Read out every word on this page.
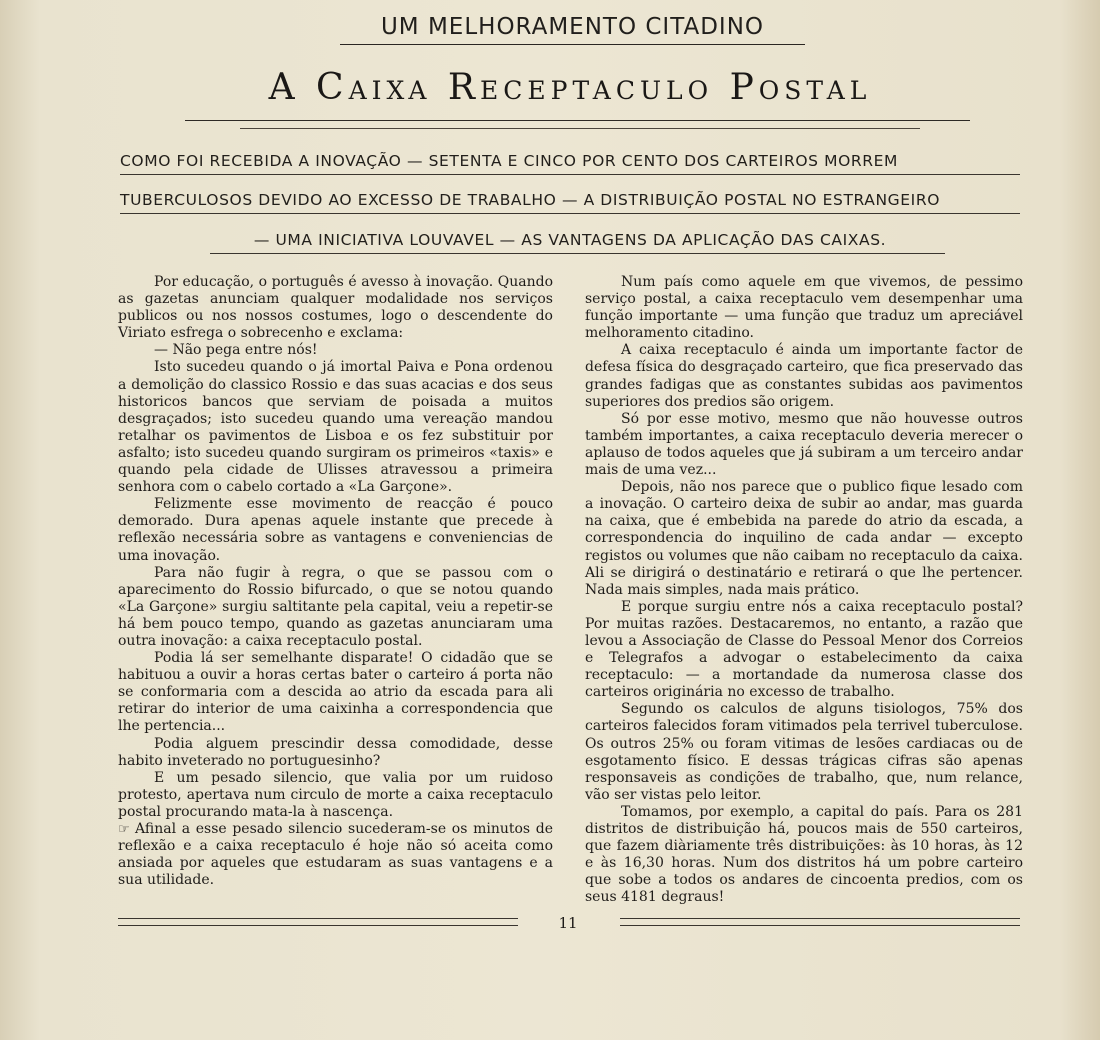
UM MELHORAMENTO CITADINO
A Caixa Receptaculo Postal
COMO FOI RECEBIDA A INOVAÇÃO — SETENTA E CINCO POR CENTO DOS CARTEIROS MORREM
TUBERCULOSOS DEVIDO AO EXCESSO DE TRABALHO — A DISTRIBUIÇÃO POSTAL NO ESTRANGEIRO
— UMA INICIATIVA LOUVAVEL — AS VANTAGENS DA APLICAÇÃO DAS CAIXAS.

Por educação, o português é avesso à inovação. Quando as gazetas anunciam qualquer modalidade nos serviços publicos ou nos nossos costumes, logo o descendente do Viriato esfrega o sobrecenho e exclama:

— Não pega entre nós!

Isto sucedeu quando o já imortal Paiva e Pona ordenou a demolição do classico Rossio e das suas acacias e dos seus historicos bancos que serviam de poisada a muitos desgraçados; isto sucedeu quando uma vereação mandou retalhar os pavimentos de Lisboa e os fez substituir por asfalto; isto sucedeu quando surgiram os primeiros «taxis» e quando pela cidade de Ulisses atravessou a primeira senhora com o cabelo cortado a «La Garçone».

Felizmente esse movimento de reacção é pouco demorado. Dura apenas aquele instante que precede à reflexão necessária sobre as vantagens e conveniencias de uma inovação.

Para não fugir à regra, o que se passou com o aparecimento do Rossio bifurcado, o que se notou quando «La Garçone» surgiu saltitante pela capital, veiu a repetir-se há bem pouco tempo, quando as gazetas anunciaram uma outra inovação: a caixa receptaculo postal.

Podia lá ser semelhante disparate! O cidadão que se habituou a ouvir a horas certas bater o carteiro á porta não se conformaria com a descida ao atrio da escada para ali retirar do interior de uma caixinha a correspondencia que lhe pertencia...

Podia alguem prescindir dessa comodidade, desse habito inveterado no portuguesinho?

E um pesado silencio, que valia por um ruidoso protesto, apertava num circulo de morte a caixa receptaculo postal procurando mata-la à nascença.

☞ Afinal a esse pesado silencio sucederam-se os minutos de reflexão e a caixa receptaculo é hoje não só aceita como ansiada por aqueles que estudaram as suas vantagens e a sua utilidade.

Num país como aquele em que vivemos, de pessimo serviço postal, a caixa receptaculo vem desempenhar uma função importante — uma função que traduz um apreciável melhoramento citadino.

A caixa receptaculo é ainda um importante factor de defesa física do desgraçado carteiro, que fica preservado das grandes fadigas que as constantes subidas aos pavimentos superiores dos predios são origem.

Só por esse motivo, mesmo que não houvesse outros também importantes, a caixa receptaculo deveria merecer o aplauso de todos aqueles que já subiram a um terceiro andar mais de uma vez...

Depois, não nos parece que o publico fique lesado com a inovação. O carteiro deixa de subir ao andar, mas guarda na caixa, que é embebida na parede do atrio da escada, a correspondencia do inquilino de cada andar — excepto registos ou volumes que não caibam no receptaculo da caixa. Ali se dirigirá o destinatário e retirará o que lhe pertencer. Nada mais simples, nada mais prático.

E porque surgiu entre nós a caixa receptaculo postal? Por muitas razões. Destacaremos, no entanto, a razão que levou a Associação de Classe do Pessoal Menor dos Correios e Telegrafos a advogar o estabelecimento da caixa receptaculo: — a mortandade da numerosa classe dos carteiros originária no excesso de trabalho.

Segundo os calculos de alguns tisiologos, 75% dos carteiros falecidos foram vitimados pela terrivel tuberculose. Os outros 25% ou foram vitimas de lesões cardiacas ou de esgotamento físico. E dessas trágicas cifras são apenas responsaveis as condições de trabalho, que, num relance, vão ser vistas pelo leitor.

Tomamos, por exemplo, a capital do país. Para os 281 distritos de distribuição há, poucos mais de 550 carteiros, que fazem diàriamente três distribuições: às 10 horas, às 12 e às 16,30 horas. Num dos distritos há um pobre carteiro que sobe a todos os andares de cincoenta predios, com os seus 4181 degraus!

11
